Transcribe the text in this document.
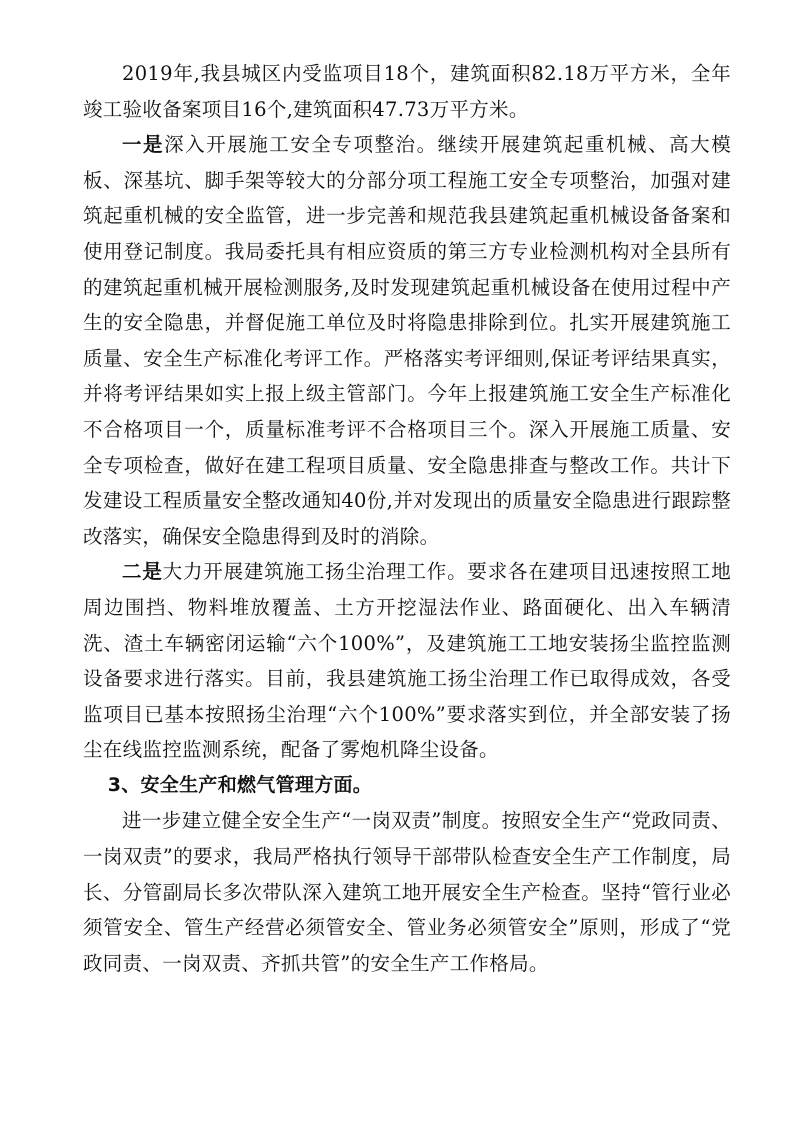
2019年,我县城区内受监项目18个，建筑面积82.18万平方米，全年竣工验收备案项目16个,建筑面积47.73万平方米。

一是深入开展施工安全专项整治。继续开展建筑起重机械、高大模板、深基坑、脚手架等较大的分部分项工程施工安全专项整治，加强对建筑起重机械的安全监管，进一步完善和规范我县建筑起重机械设备备案和使用登记制度。我局委托具有相应资质的第三方专业检测机构对全县所有的建筑起重机械开展检测服务,及时发现建筑起重机械设备在使用过程中产生的安全隐患，并督促施工单位及时将隐患排除到位。扎实开展建筑施工质量、安全生产标准化考评工作。严格落实考评细则,保证考评结果真实，并将考评结果如实上报上级主管部门。今年上报建筑施工安全生产标准化不合格项目一个，质量标准考评不合格项目三个。深入开展施工质量、安全专项检查，做好在建工程项目质量、安全隐患排查与整改工作。共计下发建设工程质量安全整改通知40份,并对发现出的质量安全隐患进行跟踪整改落实，确保安全隐患得到及时的消除。

二是大力开展建筑施工扬尘治理工作。要求各在建项目迅速按照工地周边围挡、物料堆放覆盖、土方开挖湿法作业、路面硬化、出入车辆清洗、渣土车辆密闭运输“六个100%”，及建筑施工工地安装扬尘监控监测设备要求进行落实。目前，我县建筑施工扬尘治理工作已取得成效，各受监项目已基本按照扬尘治理“六个100%”要求落实到位，并全部安装了扬尘在线监控监测系统，配备了雾炮机降尘设备。

3、安全生产和燃气管理方面。

进一步建立健全安全生产“一岗双责”制度。按照安全生产“党政同责、一岗双责”的要求，我局严格执行领导干部带队检查安全生产工作制度，局长、分管副局长多次带队深入建筑工地开展安全生产检查。坚持“管行业必须管安全、管生产经营必须管安全、管业务必须管安全”原则，形成了“党政同责、一岗双责、齐抓共管”的安全生产工作格局。
